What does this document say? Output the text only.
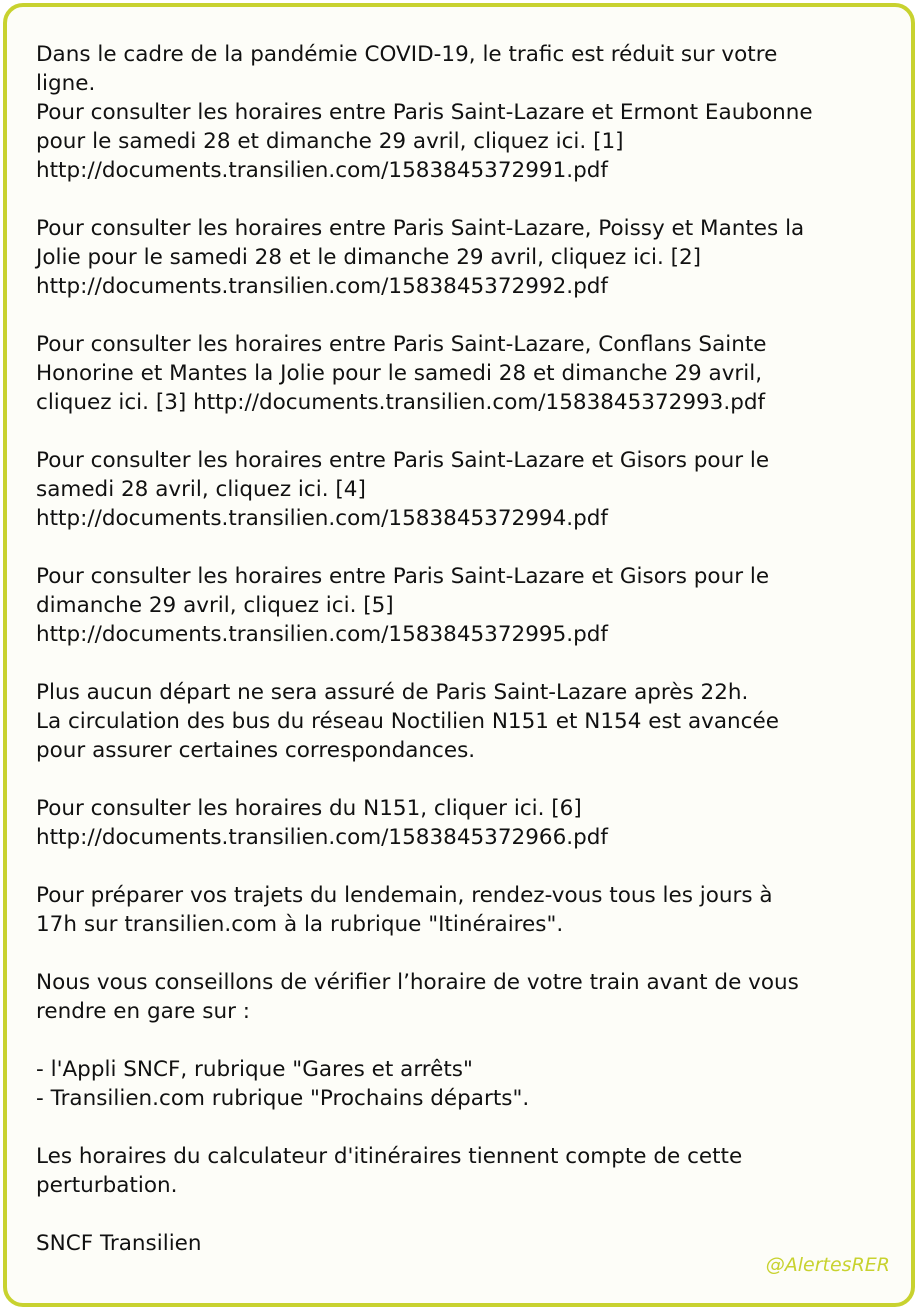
Dans le cadre de la pandémie COVID-19, le trafic est réduit sur votre
ligne.
Pour consulter les horaires entre Paris Saint-Lazare et Ermont Eaubonne
pour le samedi 28 et dimanche 29 avril, cliquez ici. [1]
http://documents.transilien.com/1583845372991.pdf
Pour consulter les horaires entre Paris Saint-Lazare, Poissy et Mantes la
Jolie pour le samedi 28 et le dimanche 29 avril, cliquez ici. [2]
http://documents.transilien.com/1583845372992.pdf
Pour consulter les horaires entre Paris Saint-Lazare, Conflans Sainte
Honorine et Mantes la Jolie pour le samedi 28 et dimanche 29 avril,
cliquez ici. [3] http://documents.transilien.com/1583845372993.pdf
Pour consulter les horaires entre Paris Saint-Lazare et Gisors pour le
samedi 28 avril, cliquez ici. [4]
http://documents.transilien.com/1583845372994.pdf
Pour consulter les horaires entre Paris Saint-Lazare et Gisors pour le
dimanche 29 avril, cliquez ici. [5]
http://documents.transilien.com/1583845372995.pdf
Plus aucun départ ne sera assuré de Paris Saint-Lazare après 22h.
La circulation des bus du réseau Noctilien N151 et N154 est avancée
pour assurer certaines correspondances.
Pour consulter les horaires du N151, cliquer ici. [6]
http://documents.transilien.com/1583845372966.pdf
Pour préparer vos trajets du lendemain, rendez-vous tous les jours à
17h sur transilien.com à la rubrique "Itinéraires".
Nous vous conseillons de vérifier l’horaire de votre train avant de vous
rendre en gare sur :
- l'Appli SNCF, rubrique "Gares et arrêts"
- Transilien.com rubrique "Prochains départs".
Les horaires du calculateur d'itinéraires tiennent compte de cette
perturbation.
SNCF Transilien
@AlertesRER
